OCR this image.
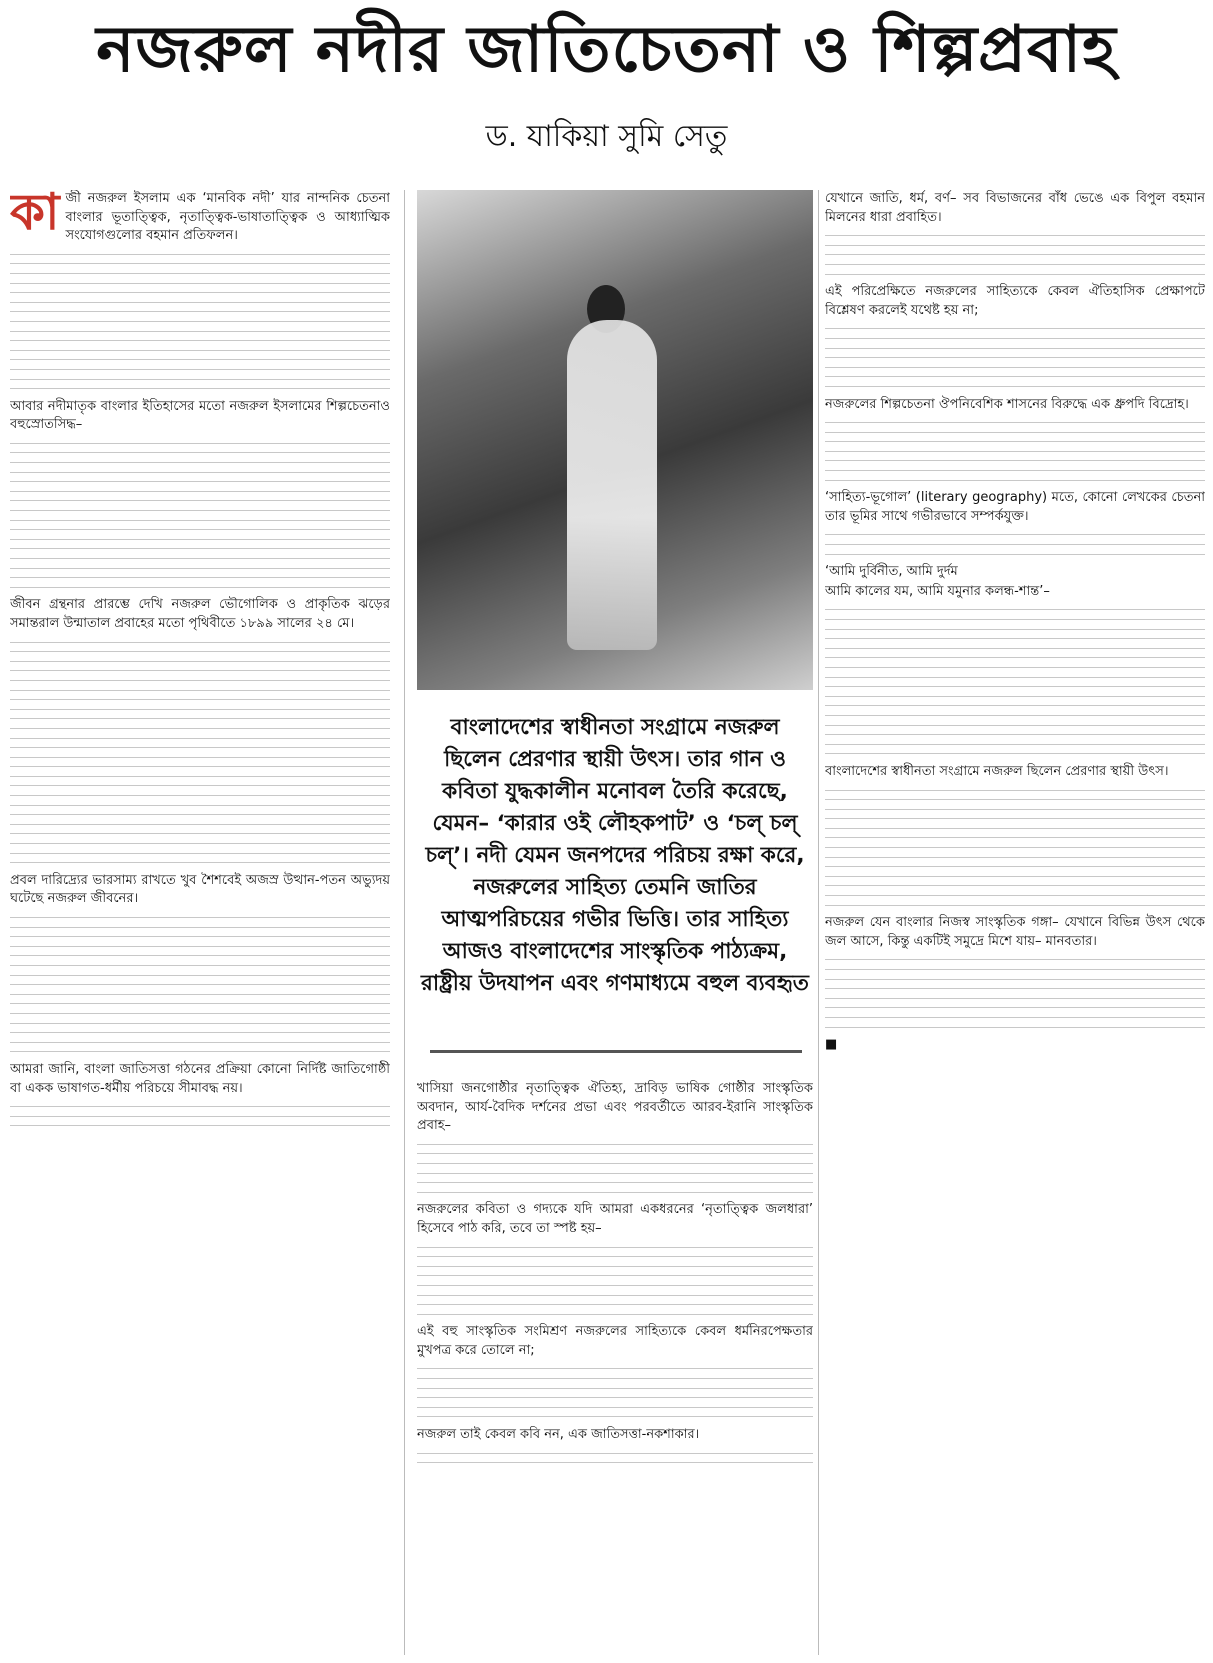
নজরুল নদীর জাতিচেতনা ও শিল্পপ্রবাহ
ড. যাকিয়া সুমি সেতু
কা জী নজরুল ইসলাম এক ‘মানবিক নদী’ যার নান্দনিক চেতনা বাংলার ভূতাত্ত্বিক, নৃতাত্ত্বিক-ভাষাতাত্ত্বিক ও আধ্যাত্মিক সংযোগগুলোর বহমান প্রতিফলন।
আবার নদীমাতৃক বাংলার ইতিহাসের মতো নজরুল ইসলামের শিল্পচেতনাও বহুস্রোতসিদ্ধ–
জীবন গ্রন্থনার প্রারম্ভে দেখি নজরুল ভৌগোলিক ও প্রাকৃতিক ঝড়ের সমান্তরাল উন্মাতাল প্রবাহের মতো পৃথিবীতে ১৮৯৯ সালের ২৪ মে।
প্রবল দারিদ্র্যের ভারসাম্য রাখতে খুব শৈশবেই অজস্র উত্থান-পতন অভ্যুদয় ঘটেছে নজরুল জীবনের।
আমরা জানি, বাংলা জাতিসত্তা গঠনের প্রক্রিয়া কোনো নির্দিষ্ট জাতিগোষ্ঠী বা একক ভাষাগত-ধর্মীয় পরিচয়ে সীমাবদ্ধ নয়।
বাংলাদেশের স্বাধীনতা সংগ্রামে নজরুল ছিলেন প্রেরণার স্থায়ী উৎস। তার গান ও কবিতা যুদ্ধকালীন মনোবল তৈরি করেছে, যেমন– ‘কারার ওই লৌহকপাট’ ও ‘চল্ চল্ চল্’। নদী যেমন জনপদের পরিচয় রক্ষা করে, নজরুলের সাহিত্য তেমনি জাতির আত্মপরিচয়ের গভীর ভিত্তি। তার সাহিত্য আজও বাংলাদেশের সাংস্কৃতিক পাঠ্যক্রম, রাষ্ট্রীয় উদযাপন এবং গণমাধ্যমে বহুল ব্যবহৃত
খাসিয়া জনগোষ্ঠীর নৃতাত্ত্বিক ঐতিহ্য, দ্রাবিড় ভাষিক গোষ্ঠীর সাংস্কৃতিক অবদান, আর্য-বৈদিক দর্শনের প্রভা এবং পরবর্তীতে আরব-ইরানি সাংস্কৃতিক প্রবাহ–
নজরুলের কবিতা ও গদ্যকে যদি আমরা একধরনের ‘নৃতাত্ত্বিক জলধারা’ হিসেবে পাঠ করি, তবে তা স্পষ্ট হয়–
এই বহু সাংস্কৃতিক সংমিশ্রণ নজরুলের সাহিত্যকে কেবল ধর্মনিরপেক্ষতার মুখপত্র করে তোলে না;
নজরুল তাই কেবল কবি নন, এক জাতিসত্তা-নকশাকার।
যেখানে জাতি, ধর্ম, বর্ণ– সব বিভাজনের বাঁধ ভেঙে এক বিপুল বহমান মিলনের ধারা প্রবাহিত।
এই পরিপ্রেক্ষিতে নজরুলের সাহিত্যকে কেবল ঐতিহাসিক প্রেক্ষাপটে বিশ্লেষণ করলেই যথেষ্ট হয় না;
নজরুলের শিল্পচেতনা ঔপনিবেশিক শাসনের বিরুদ্ধে এক ধ্রুপদি বিদ্রোহ।
‘সাহিত্য-ভূগোল’ (literary geography) মতে, কোনো লেখকের চেতনা তার ভূমির সাথে গভীরভাবে সম্পর্কযুক্ত।
‘আমি দুর্বিনীত, আমি দুর্দম
আমি কালের যম, আমি যমুনার কলন্ধ-শান্ত’–
বাংলাদেশের স্বাধীনতা সংগ্রামে নজরুল ছিলেন প্রেরণার স্থায়ী উৎস।
নজরুল যেন বাংলার নিজস্ব সাংস্কৃতিক গঙ্গা– যেখানে বিভিন্ন উৎস থেকে জল আসে, কিন্তু একটিই সমুদ্রে মিশে যায়– মানবতার।
■
